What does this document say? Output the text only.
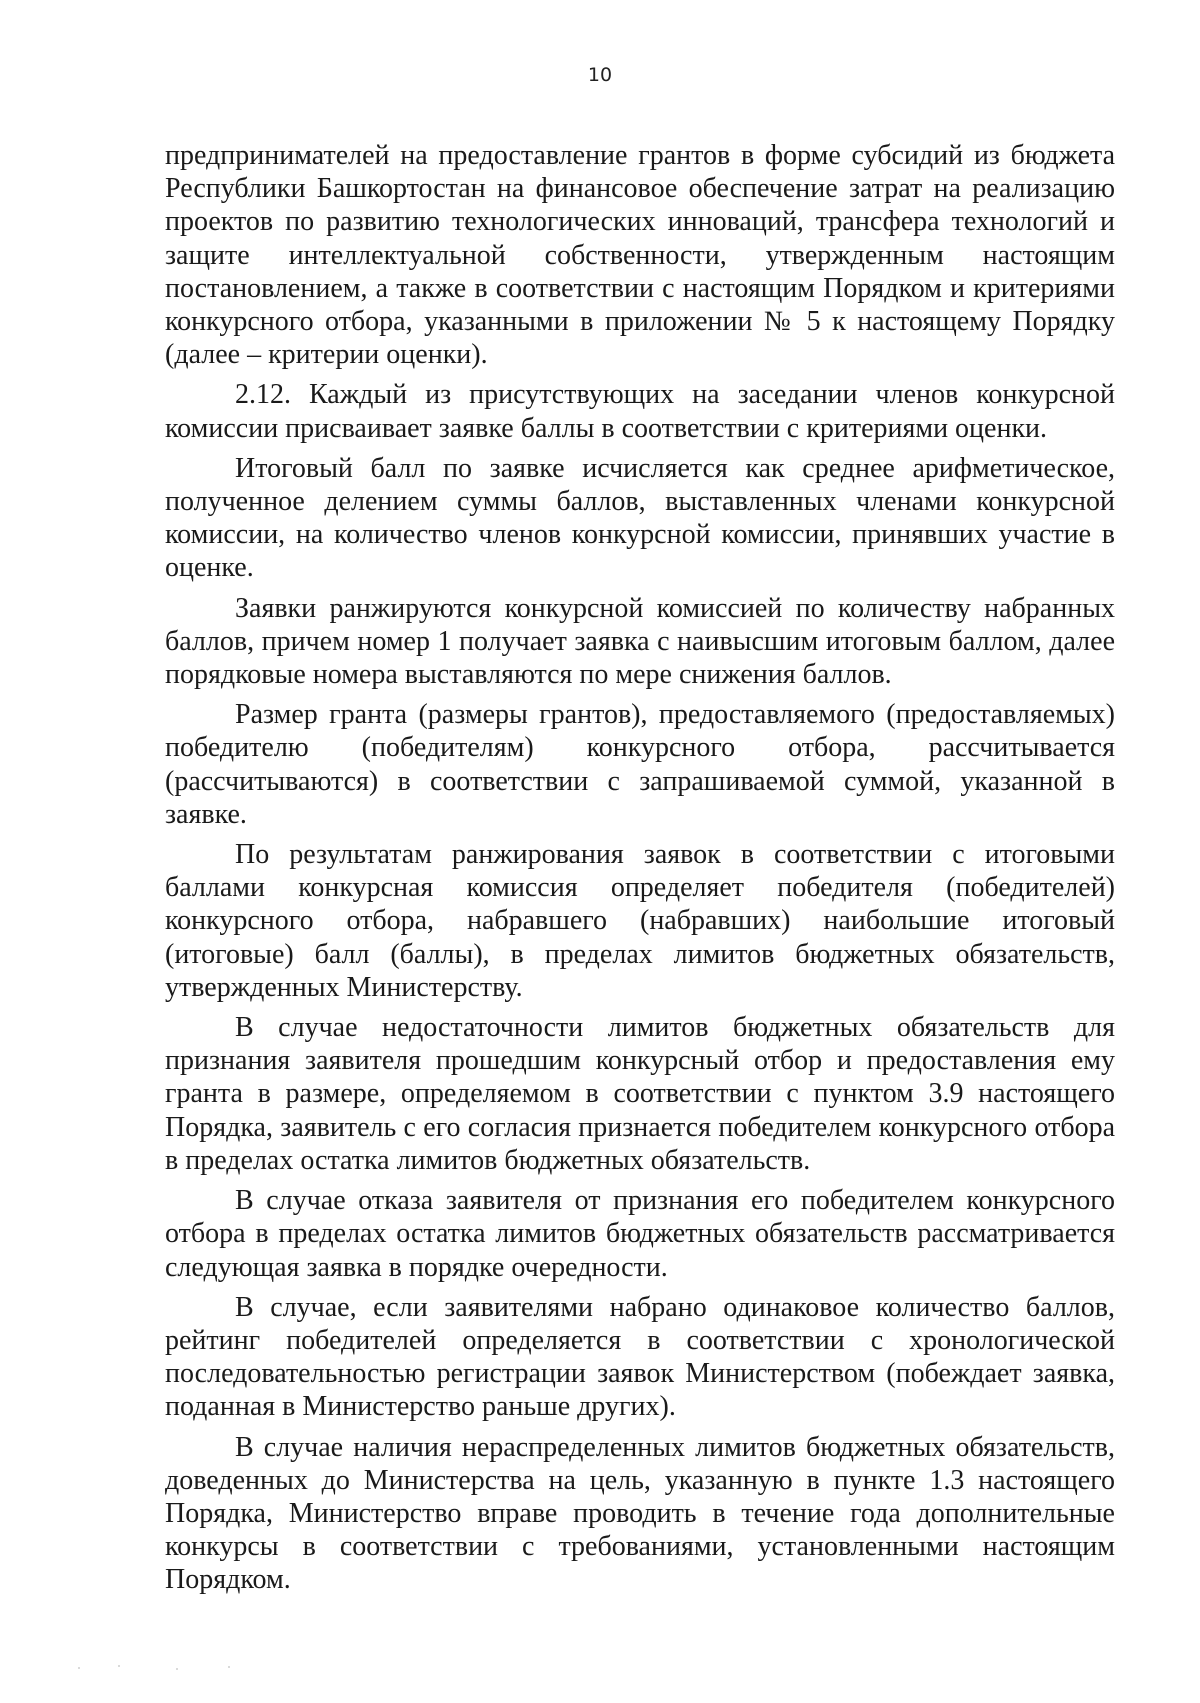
10

предпринимателей на предоставление грантов в форме субсидий из бюджета Республики Башкортостан на финансовое обеспечение затрат на реализацию проектов по развитию технологических инноваций, трансфера технологий и защите интеллектуальной собственности, утвержденным настоящим постановлением, а также в соответствии с настоящим Порядком и критериями конкурсного отбора, указанными в приложении № 5 к настоящему Порядку (далее – критерии оценки).

2.12. Каждый из присутствующих на заседании членов конкурсной комиссии присваивает заявке баллы в соответствии с критериями оценки.

Итоговый балл по заявке исчисляется как среднее арифметическое, полученное делением суммы баллов, выставленных членами конкурсной комиссии, на количество членов конкурсной комиссии, принявших участие в оценке.

Заявки ранжируются конкурсной комиссией по количеству набранных баллов, причем номер 1 получает заявка с наивысшим итоговым баллом, далее порядковые номера выставляются по мере снижения баллов.

Размер гранта (размеры грантов), предоставляемого (предоставляемых) победителю (победителям) конкурсного отбора, рассчитывается (рассчитываются) в соответствии с запрашиваемой суммой, указанной в заявке.

По результатам ранжирования заявок в соответствии с итоговыми баллами конкурсная комиссия определяет победителя (победителей) конкурсного отбора, набравшего (набравших) наибольшие итоговый (итоговые) балл (баллы), в пределах лимитов бюджетных обязательств, утвержденных Министерству.

В случае недостаточности лимитов бюджетных обязательств для признания заявителя прошедшим конкурсный отбор и предоставления ему гранта в размере, определяемом в соответствии с пунктом 3.9 настоящего Порядка, заявитель с его согласия признается победителем конкурсного отбора в пределах остатка лимитов бюджетных обязательств.

В случае отказа заявителя от признания его победителем конкурсного отбора в пределах остатка лимитов бюджетных обязательств рассматривается следующая заявка в порядке очередности.

В случае, если заявителями набрано одинаковое количество баллов, рейтинг победителей определяется в соответствии с хронологической последовательностью регистрации заявок Министерством (побеждает заявка, поданная в Министерство раньше других).

В случае наличия нераспределенных лимитов бюджетных обязательств, доведенных до Министерства на цель, указанную в пункте 1.3 настоящего Порядка, Министерство вправе проводить в течение года дополнительные конкурсы в соответствии с требованиями, установленными настоящим Порядком.
